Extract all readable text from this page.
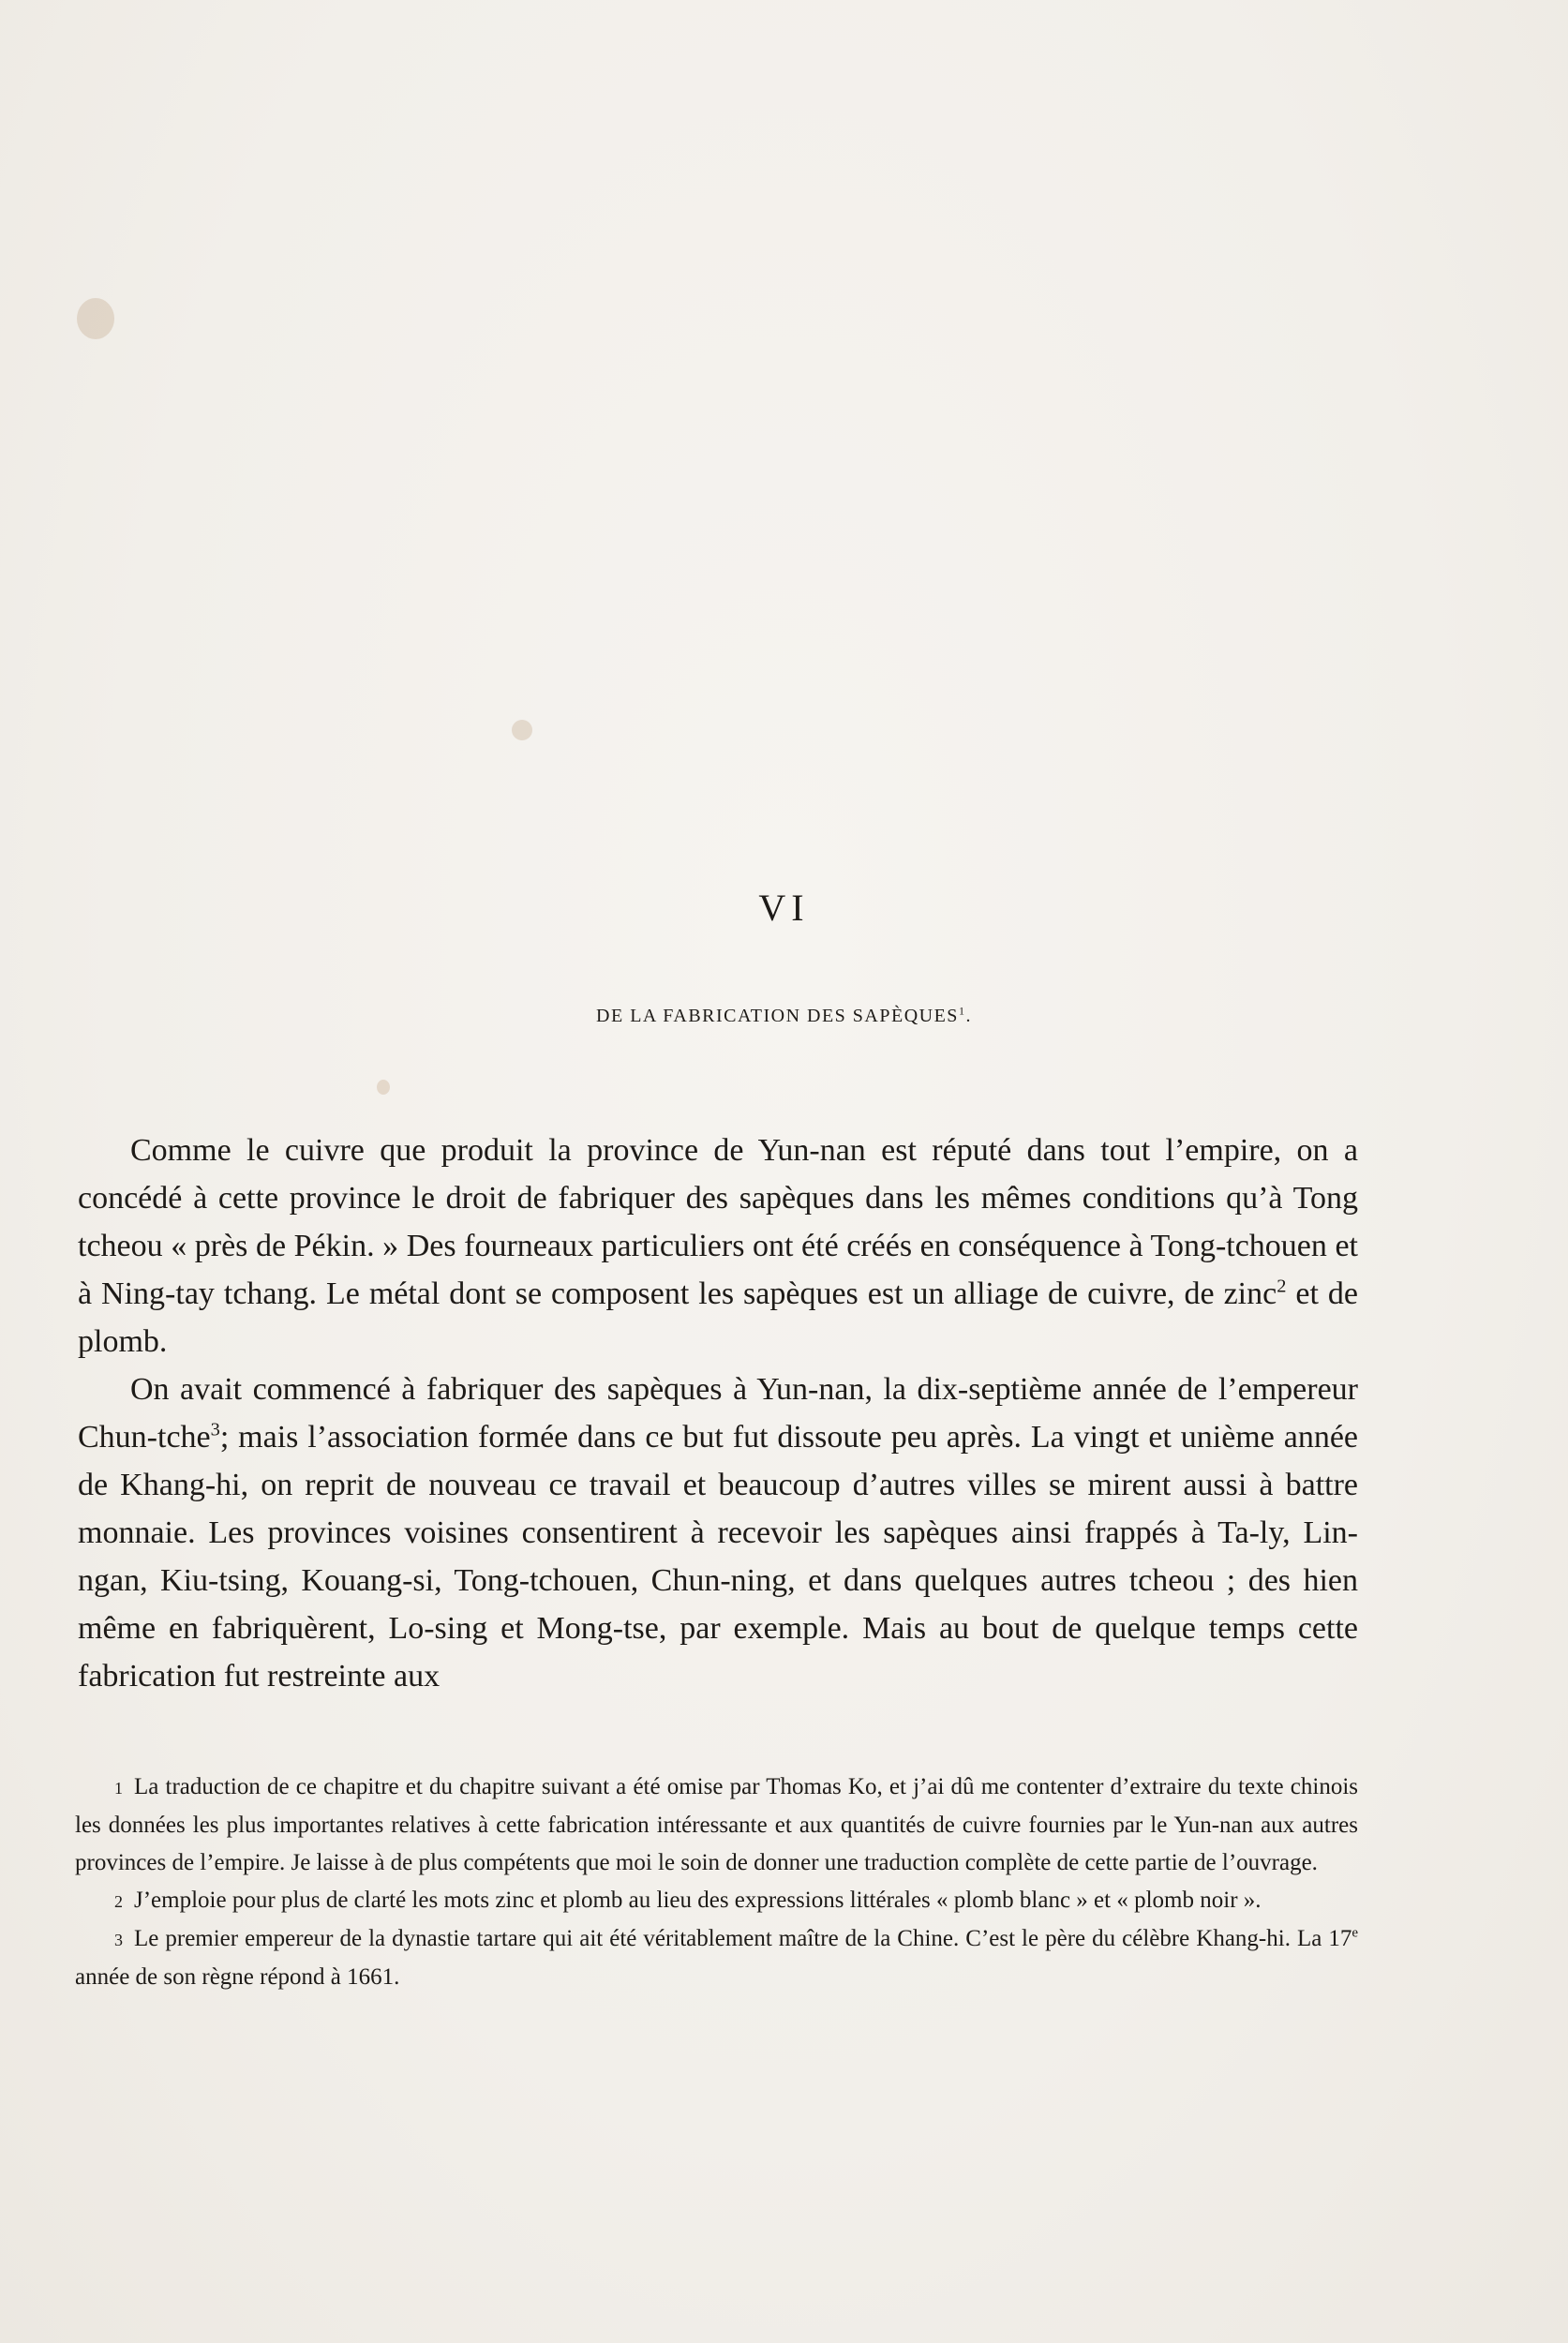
VI
DE LA FABRICATION DES SAPÈQUES$^1$.

Comme le cuivre que produit la province de Yun-nan est réputé dans tout l’empire, on a concédé à cette province le droit de fabriquer des sapèques dans les mêmes conditions qu’à Tong tcheou « près de Pékin. » Des fourneaux particuliers ont été créés en conséquence à Tong-tchouen et à Ning-tay tchang. Le métal dont se composent les sapèques est un alliage de cuivre, de zinc$^2$ et de plomb.

On avait commencé à fabriquer des sapèques à Yun-nan, la dix-septième année de l’empereur Chun-tche$^3$; mais l’association formée dans ce but fut dissoute peu après. La vingt et unième année de Khang-hi, on reprit de nouveau ce travail et beaucoup d’autres villes se mirent aussi à battre monnaie. Les provinces voisines consentirent à recevoir les sapèques ainsi frappés à Ta-ly, Lin-ngan, Kiu-tsing, Kouang-si, Tong-tchouen, Chun-ning, et dans quelques autres tcheou ; des hien même en fabriquèrent, Lo-sing et Mong-tse, par exemple. Mais au bout de quelque temps cette fabrication fut restreinte aux

1 La traduction de ce chapitre et du chapitre suivant a été omise par Thomas Ko, et j’ai dû me contenter d’extraire du texte chinois les données les plus importantes relatives à cette fabrication intéressante et aux quantités de cuivre fournies par le Yun-nan aux autres provinces de l’empire. Je laisse à de plus compétents que moi le soin de donner une traduction complète de cette partie de l’ouvrage.

2 J’emploie pour plus de clarté les mots zinc et plomb au lieu des expressions littérales « plomb blanc » et « plomb noir ».

3 Le premier empereur de la dynastie tartare qui ait été véritablement maître de la Chine. C’est le père du célèbre Khang-hi. La 17e année de son règne répond à 1661.
